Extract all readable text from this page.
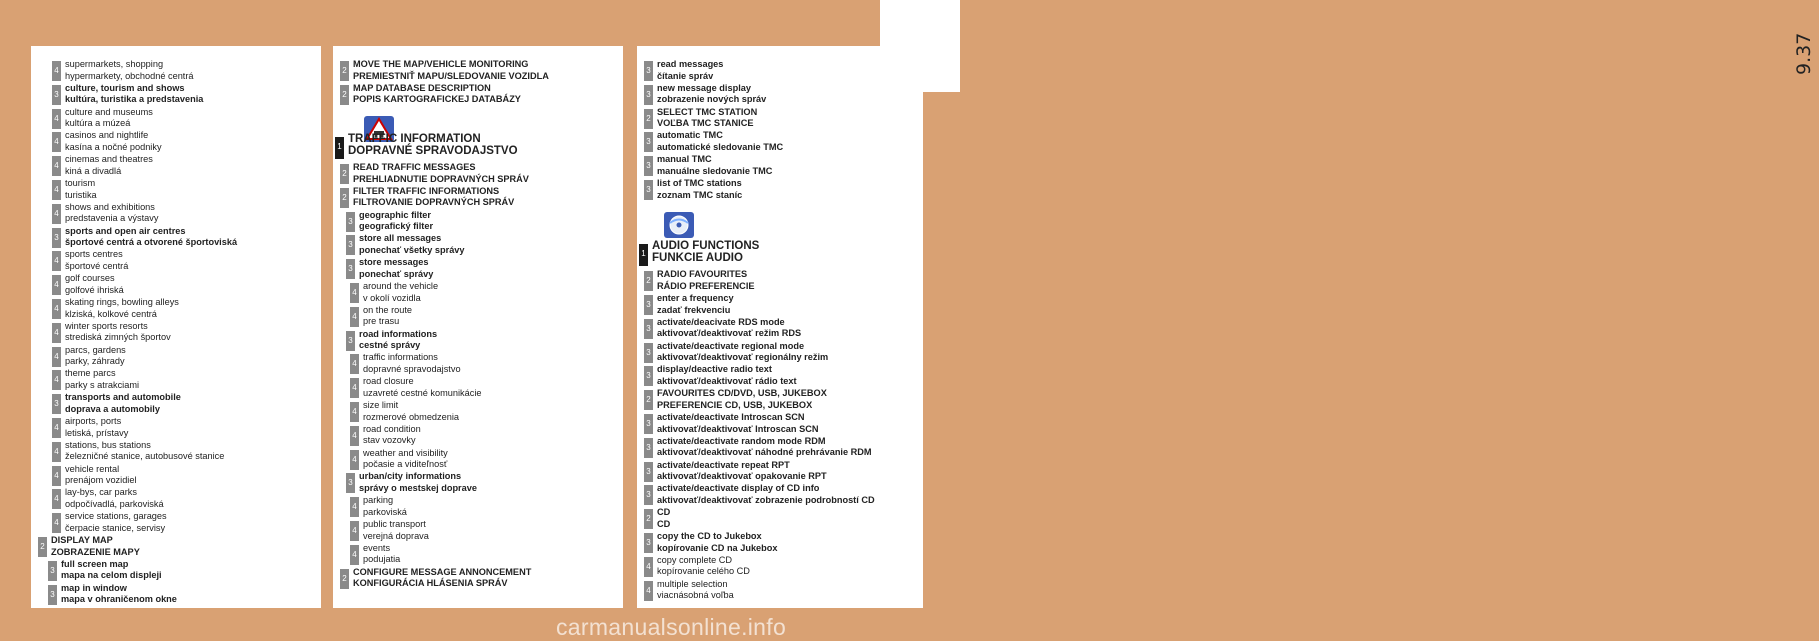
9.37
carmanualsonline.info
4
supermarkets, shopping
hypermarkety, obchodné centrá
3
culture, tourism and shows
kultúra, turistika a predstavenia
4
culture and museums
kultúra a múzeá
4
casinos and nightlife
kasína a nočné podniky
4
cinemas and theatres
kiná a divadlá
4
tourism
turistika
4
shows and exhibitions
predstavenia a výstavy
3
sports and open air centres
športové centrá a otvorené športoviská
4
sports centres
športové centrá
4
golf courses
golfové ihriská
4
skating rings, bowling alleys
klziská, kolkové centrá
4
winter sports resorts
strediská zimných športov
4
parcs, gardens
parky, záhrady
4
theme parcs
parky s atrakciami
3
transports and automobile
doprava a automobily
4
airports, ports
letiská, prístavy
4
stations, bus stations
železničné stanice, autobusové stanice
4
vehicle rental
prenájom vozidiel
4
lay-bys, car parks
odpočívadlá, parkoviská
4
service stations, garages
čerpacie stanice, servisy
2
DISPLAY MAP
ZOBRAZENIE MAPY
3
full screen map
mapa na celom displeji
3
map in window
mapa v ohraničenom okne
2
MOVE THE MAP/VEHICLE MONITORING
PREMIESTNIŤ MAPU/SLEDOVANIE VOZIDLA
2
MAP DATABASE DESCRIPTION
POPIS KARTOGRAFICKEJ DATABÁZY
1
TRAFFIC INFORMATION
DOPRAVNÉ SPRAVODAJSTVO
2
READ TRAFFIC MESSAGES
PREHLIADNUTIE DOPRAVNÝCH SPRÁV
2
FILTER TRAFFIC INFORMATIONS
FILTROVANIE DOPRAVNÝCH SPRÁV
3
geographic filter
geografický filter
3
store all messages
ponechať všetky správy
3
store messages
ponechať správy
4
around the vehicle
v okolí vozidla
4
on the route
pre trasu
3
road informations
cestné správy
4
traffic informations
dopravné spravodajstvo
4
road closure
uzavreté cestné komunikácie
4
size limit
rozmerové obmedzenia
4
road condition
stav vozovky
4
weather and visibility
počasie a viditeľnosť
3
urban/city informations
správy o mestskej doprave
4
parking
parkoviská
4
public transport
verejná doprava
4
events
podujatia
2
CONFIGURE MESSAGE ANNONCEMENT
KONFIGURÁCIA HLÁSENIA SPRÁV
3
read messages
čítanie správ
3
new message display
zobrazenie nových správ
2
SELECT TMC STATION
VOĽBA TMC STANICE
3
automatic TMC
automatické sledovanie TMC
3
manual TMC
manuálne sledovanie TMC
3
list of TMC stations
zoznam TMC staníc
1
AUDIO FUNCTIONS
FUNKCIE AUDIO
2
RADIO FAVOURITES
RÁDIO PREFERENCIE
3
enter a frequency
zadať frekvenciu
3
activate/deacivate RDS mode
aktivovať/deaktivovať režim RDS
3
activate/deactivate regional mode
aktivovať/deaktivovať regionálny režim
3
display/deactive radio text
aktivovať/deaktivovať rádio text
2
FAVOURITES CD/DVD, USB, JUKEBOX
PREFERENCIE CD, USB, JUKEBOX
3
activate/deactivate Introscan SCN
aktivovať/deaktivovať Introscan SCN
3
activate/deactivate random mode RDM
aktivovať/deaktivovať náhodné prehrávanie RDM
3
activate/deactivate repeat RPT
aktivovať/deaktivovať opakovanie RPT
3
activate/deactivate display of CD info
aktivovať/deaktivovať zobrazenie podrobností CD
2
CD
CD
3
copy the CD to Jukebox
kopírovanie CD na Jukebox
4
copy complete CD
kopírovanie celého CD
4
multiple selection
viacnásobná voľba
